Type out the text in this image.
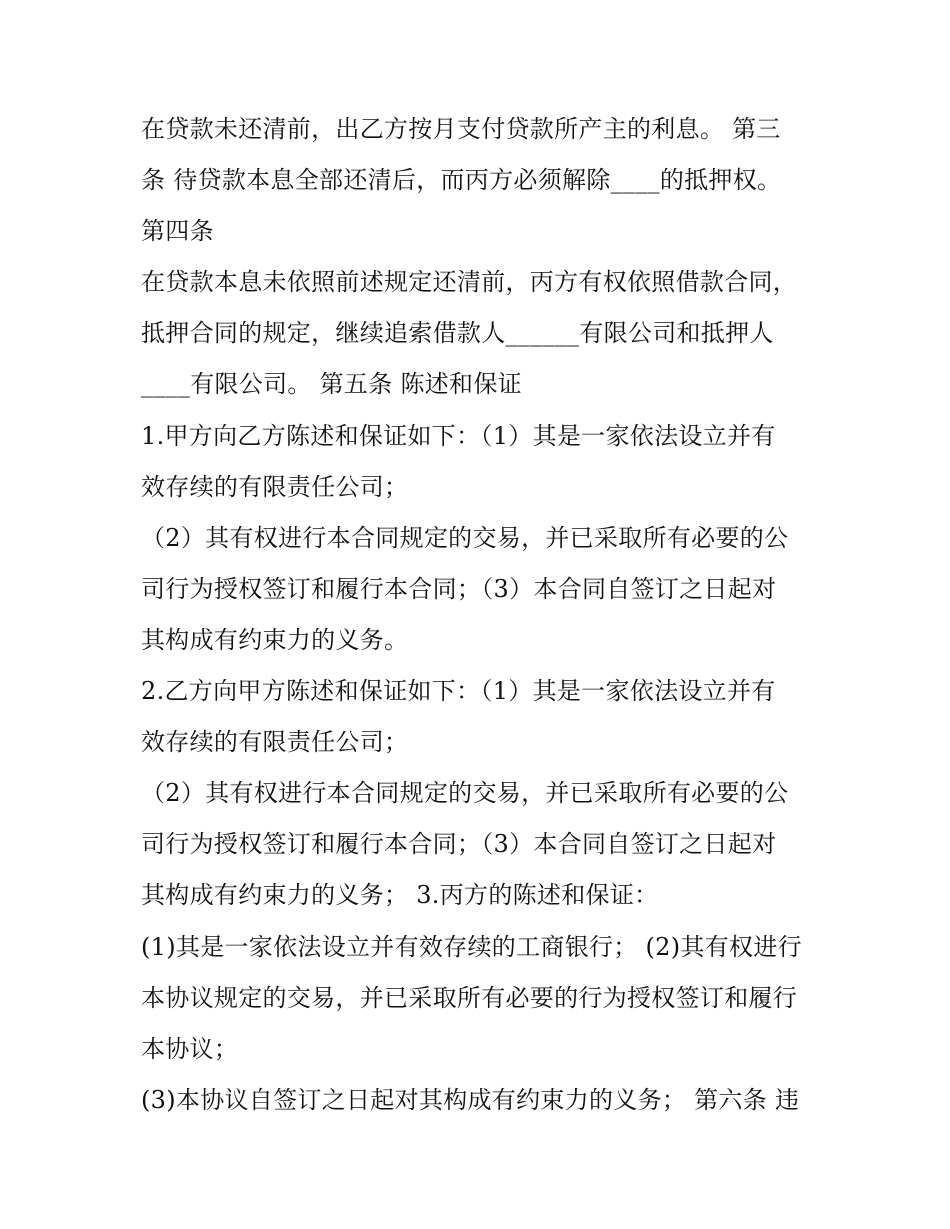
在贷款未还清前，出乙方按月支付贷款所产主的利息。 第三
条 待贷款本息全部还清后，而丙方必须解除____的抵押权。
第四条
在贷款本息未依照前述规定还清前，丙方有权依照借款合同，
抵押合同的规定，继续追索借款人______有限公司和抵押人
____有限公司。 第五条 陈述和保证
1.甲方向乙方陈述和保证如下：（1）其是一家依法设立并有
效存续的有限责任公司；
（2）其有权进行本合同规定的交易，并已采取所有必要的公
司行为授权签订和履行本合同；（3）本合同自签订之日起对
其构成有约束力的义务。
2.乙方向甲方陈述和保证如下：（1）其是一家依法设立并有
效存续的有限责任公司；
（2）其有权进行本合同规定的交易，并已采取所有必要的公
司行为授权签订和履行本合同；（3）本合同自签订之日起对
其构成有约束力的义务； 3.丙方的陈述和保证：
(1)其是一家依法设立并有效存续的工商银行； (2)其有权进行
本协议规定的交易，并已采取所有必要的行为授权签订和履行
本协议；
(3)本协议自签订之日起对其构成有约束力的义务； 第六条 违
